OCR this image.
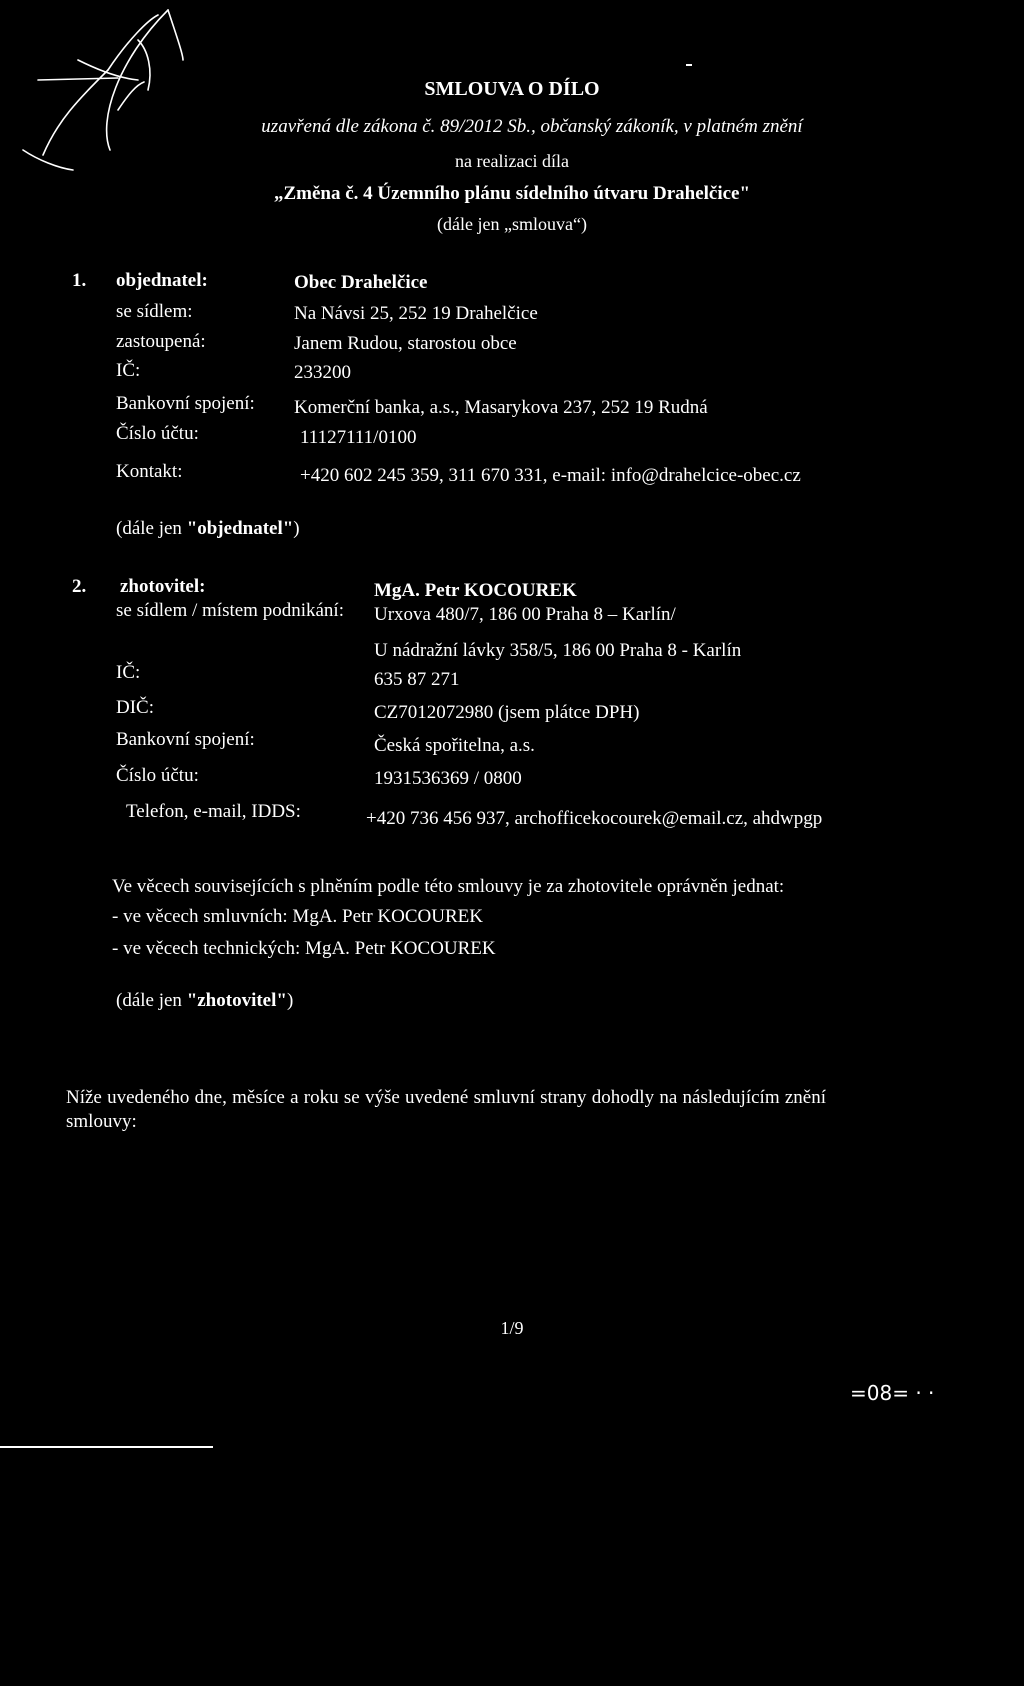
SMLOUVA O DÍLO
uzavřená dle zákona č. 89/2012 Sb., občanský zákoník, v platném znění
na realizaci díla
„Změna č. 4 Územního plánu sídelního útvaru Drahelčice"
(dále jen „smlouva“)
1. objednatel:	Obec Drahelčice
se sídlem:	Na Návsi 25, 252 19 Drahelčice
zastoupená:	Janem Rudou, starostou obce
IČ:	233200
Bankovní spojení: Komerční banka, a.s., Masarykova 237, 252 19 Rudná
Číslo účtu:	11127111/0100
Kontakt:	+420 602 245 359, 311 670 331, e-mail: info@drahelcice-obec.cz
(dále jen "objednatel")
2. zhotovitel:	MgA. Petr KOCOUREK
se sídlem / místem podnikání: Urxova 480/7, 186 00 Praha 8 – Karlín/
U nádražní lávky 358/5, 186 00 Praha 8 - Karlín
IČ:	635 87 271
DIČ:	CZ7012072980 (jsem plátce DPH)
Bankovní spojení:	Česká spořitelna, a.s.
Číslo účtu:	1931536369 / 0800
Telefon, e-mail, IDDS:	+420 736 456 937, archofficekocourek@email.cz, ahdwpgp
Ve věcech souvisejících s plněním podle této smlouvy je za zhotovitele oprávněn jednat:
- ve věcech smluvních: MgA. Petr KOCOUREK
- ve věcech technických: MgA. Petr KOCOUREK
(dále jen "zhotovitel")
Níže uvedeného dne, měsíce a roku se výše uvedené smluvní strany dohodly na následujícím znění smlouvy:
1/9
=08= · ·
